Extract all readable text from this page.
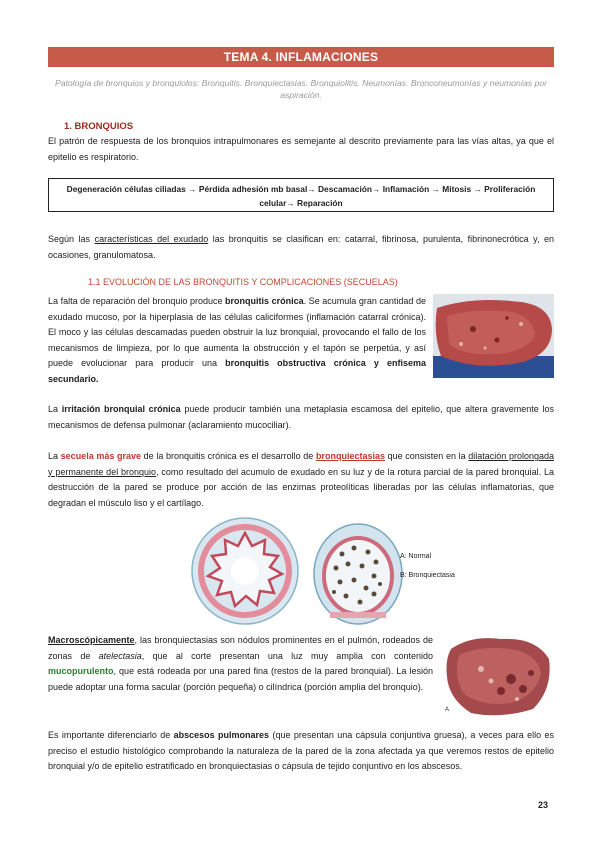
TEMA 4. INFLAMACIONES
Patología de bronquios y bronquiolos: Bronquitis. Bronquiectasias. Bronquiolitis. Neumonías. Bronconeumonías y neumonías por aspiración.
1. BRONQUIOS
El patrón de respuesta de los bronquios intrapulmonares es semejante al descrito previamente para las vías altas, ya que el epitelio es respiratorio.
Degeneración células ciliadas → Pérdida adhesión mb basal→ Descamación→ Inflamación → Mitosis → Proliferación
celular→ Reparación
Según las características del exudado las bronquitis se clasifican en: catarral, fibrinosa, purulenta, fibrinonecrótica y, en ocasiones, granulomatosa.
1.1 EVOLUCIÓN DE LAS BRONQUITIS Y COMPLICACIONES (SECUELAS)
La falta de reparación del bronquio produce bronquitis crónica. Se acumula gran cantidad de exudado mucoso, por la hiperplasia de las células caliciformes (inflamación catarral crónica). El moco y las células descamadas pueden obstruir la luz bronquial, provocando el fallo de los mecanismos de limpieza, por lo que aumenta la obstrucción y el tapón se perpetúa, y así puede evolucionar para producir una bronquitis obstructiva crónica y enfisema secundario.
La irritación bronquial crónica puede producir también una metaplasia escamosa del epitelio, que altera gravemente los mecanismos de defensa pulmonar (aclaramiento mucociliar).
La secuela más grave de la bronquitis crónica es el desarrollo de bronquiectasias que consisten en la dilatación prolongada y permanente del bronquio, como resultado del acumulo de exudado en su luz y de la rotura parcial de la pared bronquial. La destrucción de la pared se produce por acción de las enzimas proteolíticas liberadas por las células inflamatorias, que degradan el músculo liso y el cartílago.
A: Normal
B: Bronquiectasia
Macroscópicamente, las bronquiectasias son nódulos prominentes en el pulmón, rodeados de zonas de atelectasia, que al corte presentan una luz muy amplia con contenido mucopurulento, que está rodeada por una pared fina (restos de la pared bronquial). La lesión puede adoptar una forma sacular (porción pequeña) o cilíndrica (porción amplia del bronquio).
A
Es importante diferenciarlo de abscesos pulmonares (que presentan una cápsula conjuntiva gruesa), a veces para ello es preciso el estudio histológico comprobando la naturaleza de la pared de la zona afectada ya que veremos restos de epitelio bronquial y/o de epitelio estratificado en bronquiectasias o cápsula de tejido conjuntivo en los abscesos.
23
